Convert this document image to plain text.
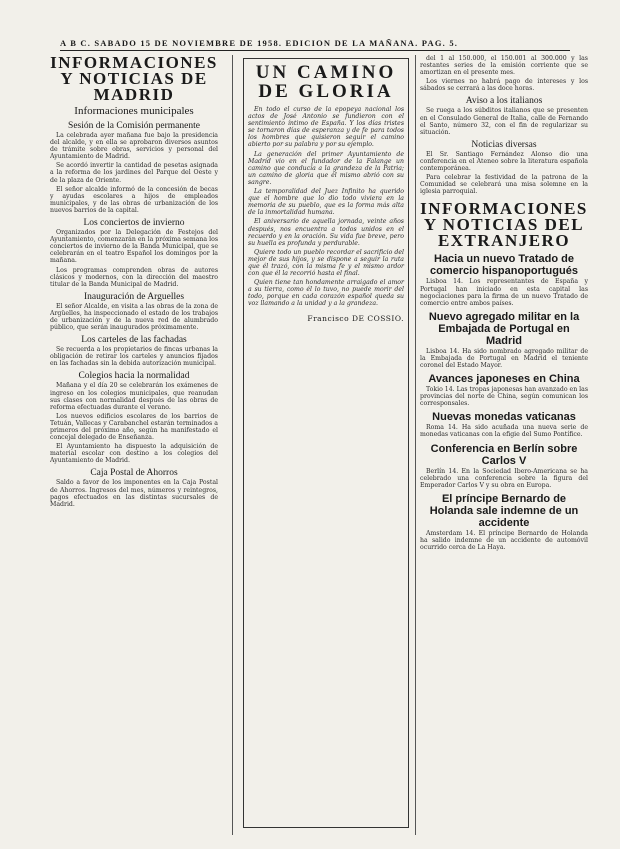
A B C. SABADO 15 DE NOVIEMBRE DE 1958. EDICION DE LA MAÑANA. PAG. 5.
INFORMACIONES Y NOTICIAS DE MADRID
Informaciones municipales
Sesión de la Comisión permanente

La celebrada ayer mañana fue bajo la presidencia del alcalde, y en ella se aprobaron diversos asuntos de trámite sobre obras, servicios y personal del Ayuntamiento de Madrid.

Se acordó invertir la cantidad de pesetas asignada a la reforma de los jardines del Parque del Oeste y de la plaza de Oriente.

El señor alcalde informó de la concesión de becas y ayudas escolares a hijos de empleados municipales, y de las obras de urbanización de los nuevos barrios de la capital.

Los conciertos de invierno

Organizados por la Delegación de Festejos del Ayuntamiento, comenzarán en la próxima semana los conciertos de invierno de la Banda Municipal, que se celebrarán en el teatro Español los domingos por la mañana.

Los programas comprenden obras de autores clásicos y modernos, con la dirección del maestro titular de la Banda Municipal de Madrid.

Inauguración de Arguelles

El señor Alcalde, en visita a las obras de la zona de Argüelles, ha inspeccionado el estado de los trabajos de urbanización y de la nueva red de alumbrado público, que serán inaugurados próximamente.

Los carteles de las fachadas

Se recuerda a los propietarios de fincas urbanas la obligación de retirar los carteles y anuncios fijados en las fachadas sin la debida autorización municipal.

Colegios hacia la normalidad

Mañana y el día 20 se celebrarán los exámenes de ingreso en los colegios municipales, que reanudan sus clases con normalidad después de las obras de reforma efectuadas durante el verano.

Los nuevos edificios escolares de los barrios de Tetuán, Vallecas y Carabanchel estarán terminados a primeros del próximo año, según ha manifestado el concejal delegado de Enseñanza.

El Ayuntamiento ha dispuesto la adquisición de material escolar con destino a los colegios del Ayuntamiento de Madrid.

Caja Postal de Ahorros

Saldo a favor de los imponentes en la Caja Postal de Ahorros. Ingresos del mes, números y reintegros, pagos efectuados en las distintas sucursales de Madrid.

UN CAMINO DE GLORIA

En todo el curso de la epopeya nacional los actos de José Antonio se fundieron con el sentimiento íntimo de España. Y los días tristes se tornaron días de esperanza y de fe para todos los hombres que quisieron seguir el camino abierto por su palabra y por su ejemplo.

La generación del primer Ayuntamiento de Madrid vio en el fundador de la Falange un camino que conducía a la grandeza de la Patria; un camino de gloria que él mismo abrió con su sangre.

La temporalidad del Juez Infinito ha querido que el hombre que lo dio todo viviera en la memoria de su pueblo, que es la forma más alta de la inmortalidad humana.

El aniversario de aquella jornada, veinte años después, nos encuentra a todos unidos en el recuerdo y en la oración. Su vida fue breve, pero su huella es profunda y perdurable.

Quiere todo un pueblo recordar el sacrificio del mejor de sus hijos, y se dispone a seguir la ruta que él trazó, con la misma fe y el mismo ardor con que él la recorrió hasta el final.

Quien tiene tan hondamente arraigado el amor a su tierra, como él lo tuvo, no puede morir del todo, porque en cada corazón español queda su voz llamando a la unidad y a la grandeza.

Francisco DE COSSIO.

del 1 al 150.000, el 150.001 al 300.000 y las restantes series de la emisión corriente que se amortizan en el presente mes.

Los viernes no habrá pago de intereses y los sábados se cerrará a las doce horas.

Aviso a los italianos

Se ruega a los súbditos italianos que se presenten en el Consulado General de Italia, calle de Fernando el Santo, número 32, con el fin de regularizar su situación.

Noticias diversas

El Sr. Santiago Fernández Alonso dio una conferencia en el Ateneo sobre la literatura española contemporánea.

Para celebrar la festividad de la patrona de la Comunidad se celebrará una misa solemne en la iglesia parroquial.

INFORMACIONES Y NOTICIAS DEL EXTRANJERO
Hacia un nuevo Tratado de comercio hispanoportugués

Lisboa 14. Los representantes de España y Portugal han iniciado en esta capital las negociaciones para la firma de un nuevo Tratado de comercio entre ambos países.

Nuevo agregado militar en la Embajada de Portugal en Madrid

Lisboa 14. Ha sido nombrado agregado militar de la Embajada de Portugal en Madrid el teniente coronel del Estado Mayor.

Avances japoneses en China

Tokio 14. Las tropas japonesas han avanzado en las provincias del norte de China, según comunican los corresponsales.

Nuevas monedas vaticanas

Roma 14. Ha sido acuñada una nueva serie de monedas vaticanas con la efigie del Sumo Pontífice.

Conferencia en Berlín sobre Carlos V

Berlín 14. En la Sociedad Ibero-Americana se ha celebrado una conferencia sobre la figura del Emperador Carlos V y su obra en Europa.

El príncipe Bernardo de Holanda sale indemne de un accidente

Amsterdam 14. El príncipe Bernardo de Holanda ha salido indemne de un accidente de automóvil ocurrido cerca de La Haya.
